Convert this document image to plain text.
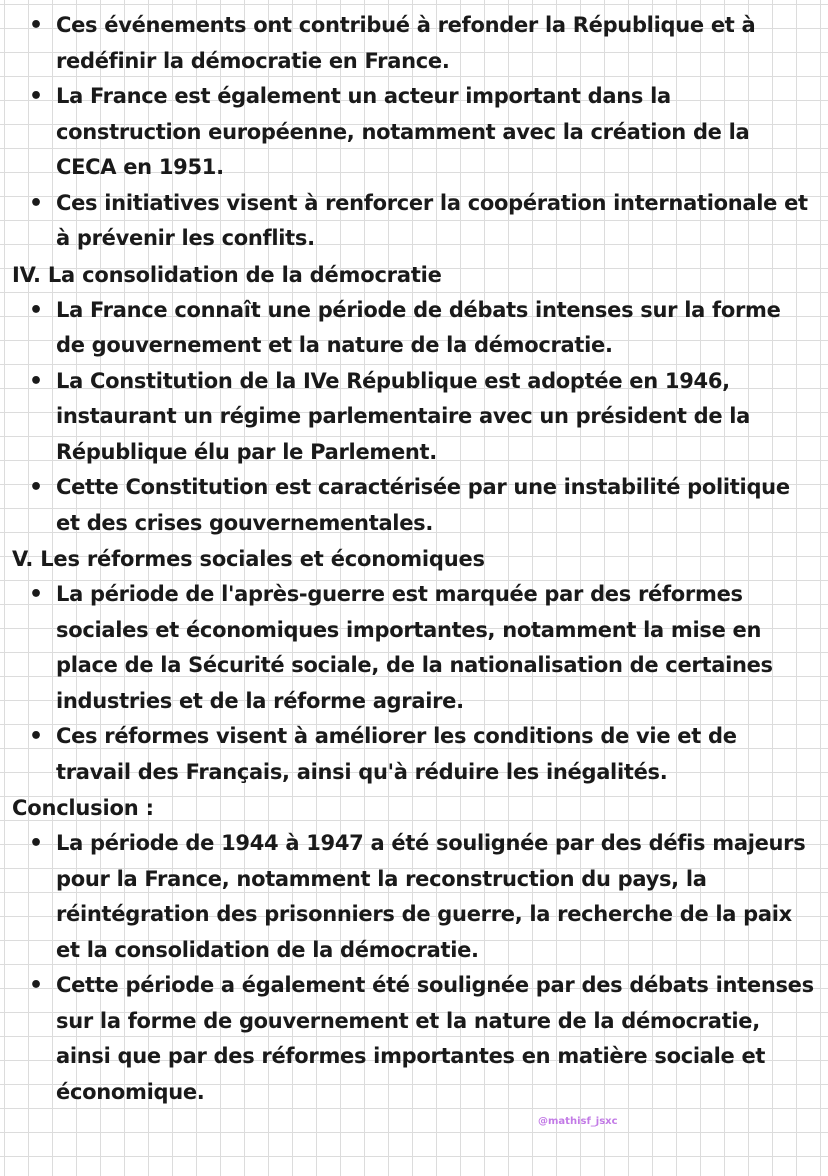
• Ces événements ont contribué à refonder la République et à redéfinir la démocratie en France.
• La France est également un acteur important dans la construction européenne, notamment avec la création de la CECA en 1951.
• Ces initiatives visent à renforcer la coopération internationale et à prévenir les conflits.
IV. La consolidation de la démocratie
• La France connaît une période de débats intenses sur la forme de gouvernement et la nature de la démocratie.
• La Constitution de la IVe République est adoptée en 1946, instaurant un régime parlementaire avec un président de la République élu par le Parlement.
• Cette Constitution est caractérisée par une instabilité politique et des crises gouvernementales.
V. Les réformes sociales et économiques
• La période de l'après-guerre est marquée par des réformes sociales et économiques importantes, notamment la mise en place de la Sécurité sociale, de la nationalisation de certaines industries et de la réforme agraire.
• Ces réformes visent à améliorer les conditions de vie et de travail des Français, ainsi qu'à réduire les inégalités.
Conclusion :
• La période de 1944 à 1947 a été soulignée par des défis majeurs pour la France, notamment la reconstruction du pays, la réintégration des prisonniers de guerre, la recherche de la paix et la consolidation de la démocratie.
• Cette période a également été soulignée par des débats intenses sur la forme de gouvernement et la nature de la démocratie, ainsi que par des réformes importantes en matière sociale et économique.
@mathisf_jsxc
